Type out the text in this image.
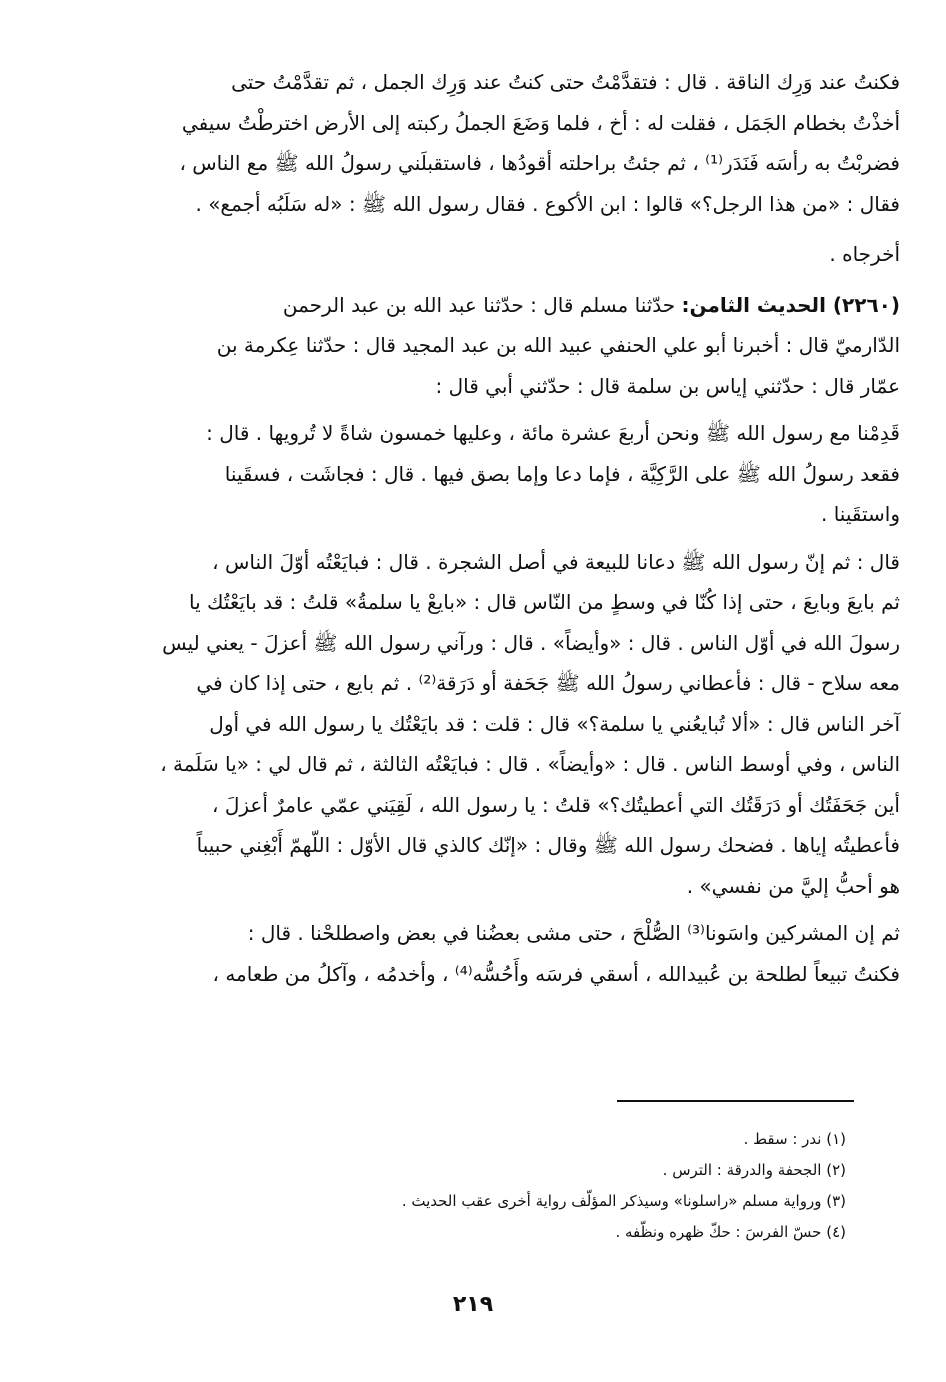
فكنتُ عند وَرِك الناقة . قال : فتقدَّمْتُ حتى كنتُ عند وَرِك الجمل ، ثم تقدَّمْتُ حتى
أخذْتُ بخطام الجَمَل ، فقلت له : أخ ، فلما وَضَعَ الجملُ ركبته إلى الأرض اخترطْتُ سيفي
فضربْتُ به رأسَه فَنَدَر⁽¹⁾ ، ثم جئتُ براحلته أقودُها ، فاستقبلَني رسولُ الله ﷺ مع الناس ،
فقال : «من هذا الرجل؟» قالوا : ابن الأكوع . فقال رسول الله ﷺ : «له سَلَبُه أجمع» .

أخرجاه .

(٢٢٦٠) الحديث الثامن: حدّثنا مسلم قال : حدّثنا عبد الله بن عبد الرحمن
الدّارميّ قال : أخبرنا أبو علي الحنفي عبيد الله بن عبد المجيد قال : حدّثنا عِكرمة بن
عمّار قال : حدّثني إياس بن سلمة قال : حدّثني أبي قال :

قَدِمْنا مع رسول الله ﷺ ونحن أربعَ عشرة مائة ، وعليها خمسون شاةً لا تُرويها . قال :
فقعد رسولُ الله ﷺ على الرَّكِيَّة ، فإما دعا وإما بصق فيها . قال : فجاشَت ، فسقَينا
واستقَينا .

قال : ثم إنّ رسول الله ﷺ دعانا للبيعة في أصل الشجرة . قال : فبايَعْتُه أوّلَ الناس ،
ثم بايعَ وبايعَ ، حتى إذا كُنّا في وسطٍ من النّاس قال : «بايعْ يا سلمةُ» قلتُ : قد بايَعْتُك يا
رسولَ الله في أوّل الناس . قال : «وأيضاً» . قال : ورآني رسول الله ﷺ أعزلَ - يعني ليس
معه سلاح - قال : فأعطاني رسولُ الله ﷺ جَحَفة أو دَرَقة⁽²⁾ . ثم بايع ، حتى إذا كان في
آخر الناس قال : «ألا تُبايعُني يا سلمة؟» قال : قلت : قد بايَعْتُك يا رسول الله في أول
الناس ، وفي أوسط الناس . قال : «وأيضاً» . قال : فبايَعْتُه الثالثة ، ثم قال لي : «يا سَلَمة ،
أين جَحَفَتُك أو دَرَقَتُك التي أعطيتُك؟» قلتُ : يا رسول الله ، لَقِيَني عمّي عامرٌ أعزلَ ،
فأعطيتُه إياها . فضحك رسول الله ﷺ وقال : «إنّك كالذي قال الأوّل : اللّهمّ أَبْغِني حبيباً
هو أحبُّ إليَّ من نفسي» .

ثم إن المشركين واسَونا⁽³⁾ الصُّلْحَ ، حتى مشى بعضُنا في بعض واصطلحْنا . قال :
فكنتُ تبيعاً لطلحة بن عُبيدالله ، أسقي فرسَه وأَحُسُّه⁽⁴⁾ ، وأخدمُه ، وآكلُ من طعامه ،

(١) ندر : سقط .
(٢) الجحفة والدرقة : الترس .
(٣) ورواية مسلم «راسلونا» وسيذكر المؤلّف رواية أخرى عقب الحديث .
(٤) حسّ الفرسَ : حكّ ظهره ونظّفه .
٢١٩
